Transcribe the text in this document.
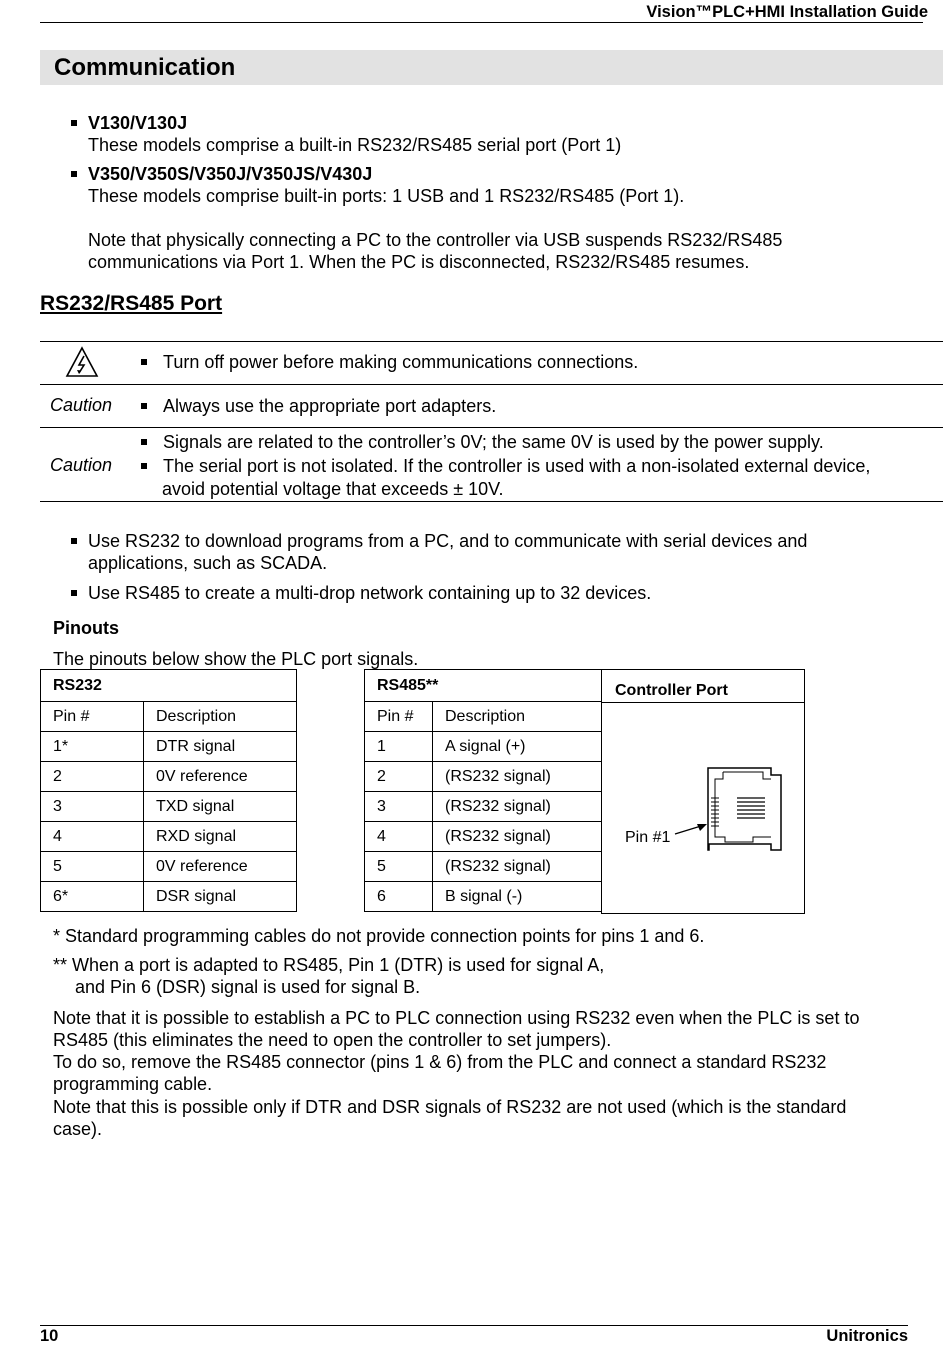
Vision™PLC+HMI Installation Guide
Communication
V130/V130J
These models comprise a built-in RS232/RS485 serial port (Port 1)
V350/V350S/V350J/V350JS/V430J
These models comprise built-in ports: 1 USB and 1 RS232/RS485 (Port 1).
Note that physically connecting a PC to the controller via USB suspends RS232/RS485
communications via Port 1. When the PC is disconnected, RS232/RS485 resumes.
RS232/RS485 Port
Turn off power before making communications connections.
Caution	Always use the appropriate port adapters.
Caution
Signals are related to the controller’s 0V; the same 0V is used by the power supply.
The serial port is not isolated. If the controller is used with a non-isolated external device,
avoid potential voltage that exceeds ± 10V.
Use RS232 to download programs from a PC, and to communicate with serial devices and
applications, such as SCADA.
Use RS485 to create a multi-drop network containing up to 32 devices.
Pinouts
The pinouts below show the PLC port signals.
RS232	
Pin #	Description
1*	DTR signal
2	0V reference
3	TXD signal
4	RXD signal
5	0V reference
6*	DSR signal
RS485**	
Pin #	Description
1	A signal (+)
2	(RS232 signal)
3	(RS232 signal)
4	(RS232 signal)
5	(RS232 signal)
6	B signal (-)
Controller Port
Pin #1
* Standard programming cables do not provide connection points for pins 1 and 6.
** When a port is adapted to RS485, Pin 1 (DTR) is used for signal A,
and Pin 6 (DSR) signal is used for signal B.
Note that it is possible to establish a PC to PLC connection using RS232 even when the PLC is set to
RS485 (this eliminates the need to open the controller to set jumpers).
To do so, remove the RS485 connector (pins 1 & 6) from the PLC and connect a standard RS232
programming cable.
Note that this is possible only if DTR and DSR signals of RS232 are not used (which is the standard
case).
10	Unitronics
